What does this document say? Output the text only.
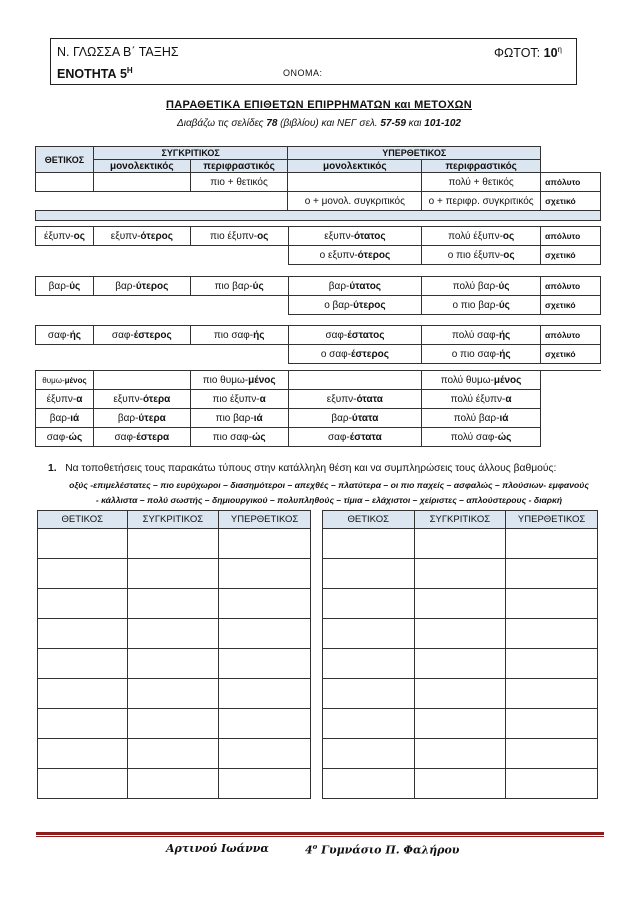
Ν. ΓΛΩΣΣΑ Β΄ ΤΑΞΗΣ	ΦΩΤΟΤ: $10^\eta$
ΕΝΟΤΗΤΑ $5^H$	ΟΝΟΜΑ:
ΠΑΡΑΘΕΤΙΚΑ ΕΠΙΘΕΤΩΝ ΕΠΙΡΡΗΜΑΤΩΝ και ΜΕΤΟΧΩΝ
Διαβάζω τις σελίδες 78 (βιβλίου) και ΝΕΓ σελ. 57-59 και 101-102
ΘΕΤΙΚΟΣ	ΣΥΓΚΡΙΤΙΚΟΣ		ΥΠΕΡΘΕΤΙΚΟΣ		
	μονολεκτικός	περιφραστικός	μονολεκτικός	περιφραστικός	
		πιο + θετικός		πολύ + θετικός	απόλυτο
			ο + μονολ. συγκριτικός	ο + περιφρ. συγκριτικός	σχετικό

έξυπν-ος	εξυπν-ότερος	πιο έξυπν-ος	εξυπν-ότατος	πολύ έξυπν-ος	απόλυτο
			ο εξυπν-ότερος	ο πιο έξυπν-ος	σχετικό
βαρ-ύς	βαρ-ύτερος	πιο βαρ-ύς	βαρ-ύτατος	πολύ βαρ-ύς	απόλυτο
			ο βαρ-ύτερος	ο πιο βαρ-ύς	σχετικό
σαφ-ής	σαφ-έστερος	πιο σαφ-ής	σαφ-έστατος	πολύ σαφ-ής	απόλυτο
			ο σαφ-έστερος	ο πιο σαφ-ής	σχετικό
θυμω-μένος		πιο θυμω-μένος		πολύ θυμω-μένος
έξυπν-α	εξυπν-ότερα	πιο έξυπν-α	εξυπν-ότατα	πολύ έξυπν-α
βαρ-ιά	βαρ-ύτερα	πιο βαρ-ιά	βαρ-ύτατα	πολύ βαρ-ιά
σαφ-ώς	σαφ-έστερα	πιο σαφ-ώς	σαφ-έστατα	πολύ σαφ-ώς
1. Να τοποθετήσεις τους παρακάτω τύπους στην κατάλληλη θέση και να συμπληρώσεις τους άλλους βαθμούς:
οξύς -επιμελέστατες – πιο ευρύχωροι – διασημότεροι – απεχθές – πλατύτερα – οι πιο παχείς – ασφαλώς – πλούσιων- εμφανούς
- κάλλιστα – πολύ σωστής – δημιουργικού – πολυπληθούς – τίμια – ελάχιστοι – χείριστες – απλούστερους - διαρκή
ΘΕΤΙΚΟΣ	ΣΥΓΚΡΙΤΙΚΟΣ	ΥΠΕΡΘΕΤΙΚΟΣ

			ΘΕΤΙΚΟΣ	ΣΥΓΚΡΙΤΙΚΟΣ	ΥΠΕΡΘΕΤΙΚΟΣ

Αρτινού Ιωάννα	$4^o$ Γυμνάσιο Π. Φαλήρου
